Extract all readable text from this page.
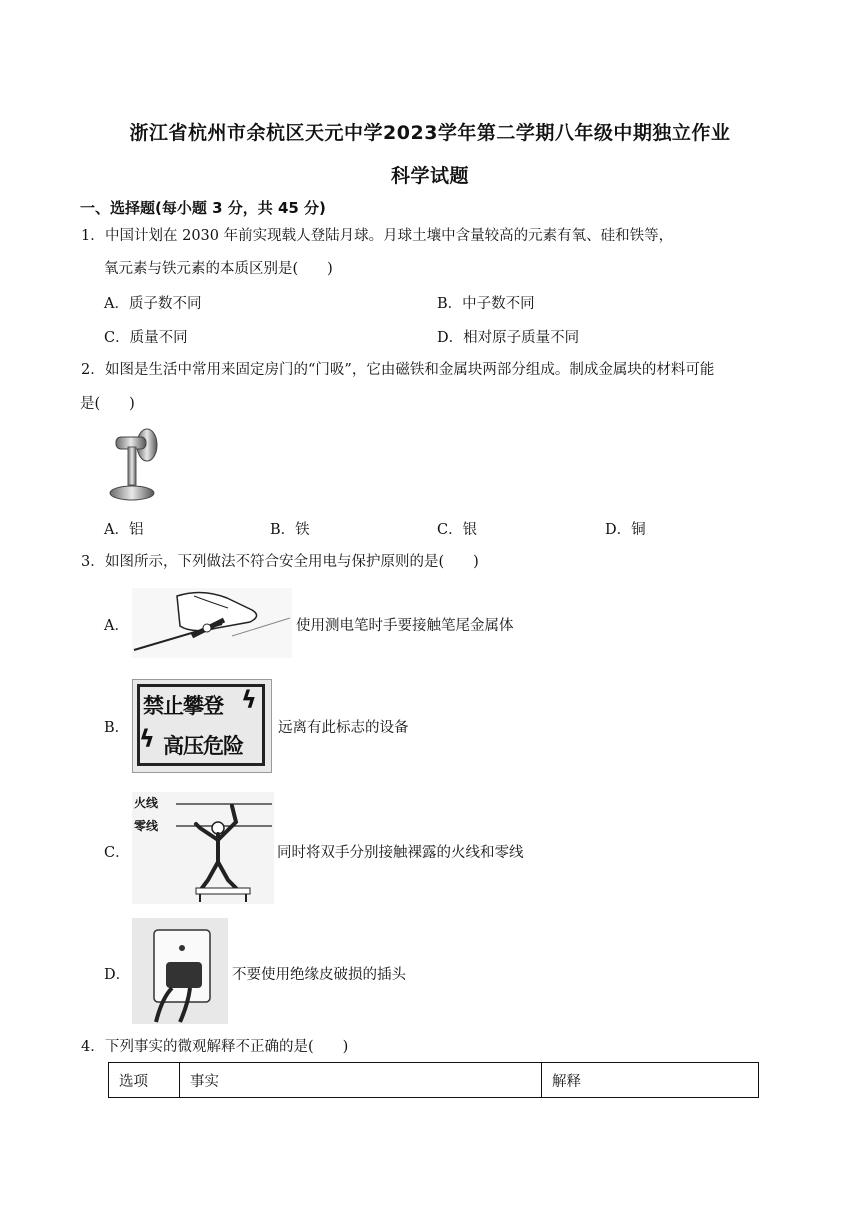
浙江省杭州市余杭区天元中学2023学年第二学期八年级中期独立作业
科学试题
一、选择题(每小题 3 分，共 45 分)
1． 中国计划在 2030 年前实现载人登陆月球。月球土壤中含量较高的元素有氧、硅和铁等，
氧元素与铁元素的本质区别是(　　)
A．质子数不同	B．中子数不同
C．质量不同	D．相对原子质量不同
2． 如图是生活中常用来固定房门的“门吸”，它由磁铁和金属块两部分组成。制成金属块的材料可能
是(　　)
A．铝	B．铁	C．银	D．铜
3． 如图所示，下列做法不符合安全用电与保护原则的是(　　)
A．	使用测电笔时手要接触笔尾金属体
B．
禁止攀登 ϟ
ϟ 高压危险
远离有此标志的设备
C．
火线
零线
同时将双手分别接触裸露的火线和零线
D．	不要使用绝缘皮破损的插头
4． 下列事实的微观解释不正确的是(　　)
选项	事实	解释
